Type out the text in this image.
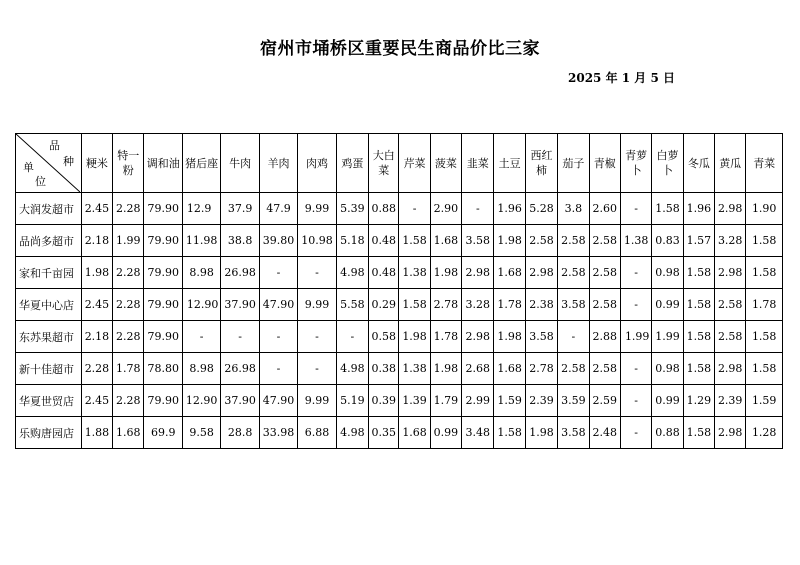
宿州市埇桥区重要民生商品价比三家
2025 年 1 月 5 日
品
种
单
位	粳米	特一粉	调和油	猪后座	牛肉	羊肉	肉鸡	鸡蛋	大白菜	芹菜	菠菜	韭菜	土豆	西红柿	茄子	青椒	青萝卜	白萝卜	冬瓜	黄瓜	青菜
大润发超市	2.45	2.28	79.90	12.9	37.9	47.9	9.99	5.39	0.88	-	2.90	-	1.96	5.28	3.8	2.60	-	1.58	1.96	2.98	1.90
品尚多超市	2.18	1.99	79.90	11.98	38.8	39.80	10.98	5.18	0.48	1.58	1.68	3.58	1.98	2.58	2.58	2.58	1.38	0.83	1.57	3.28	1.58
家和千亩园	1.98	2.28	79.90	8.98	26.98	-	-	4.98	0.48	1.38	1.98	2.98	1.68	2.98	2.58	2.58	-	0.98	1.58	2.98	1.58
华夏中心店	2.45	2.28	79.90	12.90	37.90	47.90	9.99	5.58	0.29	1.58	2.78	3.28	1.78	2.38	3.58	2.58	-	0.99	1.58	2.58	1.78
东苏果超市	2.18	2.28	79.90	-	-	-	-	-	0.58	1.98	1.78	2.98	1.98	3.58	-	2.88	1.99	1.99	1.58	2.58	1.58
新十佳超市	2.28	1.78	78.80	8.98	26.98	-	-	4.98	0.38	1.38	1.98	2.68	1.68	2.78	2.58	2.58	-	0.98	1.58	2.98	1.58
华夏世贸店	2.45	2.28	79.90	12.90	37.90	47.90	9.99	5.19	0.39	1.39	1.79	2.99	1.59	2.39	3.59	2.59	-	0.99	1.29	2.39	1.59
乐购唐园店	1.88	1.68	69.9	9.58	28.8	33.98	6.88	4.98	0.35	1.68	0.99	3.48	1.58	1.98	3.58	2.48	-	0.88	1.58	2.98	1.28
